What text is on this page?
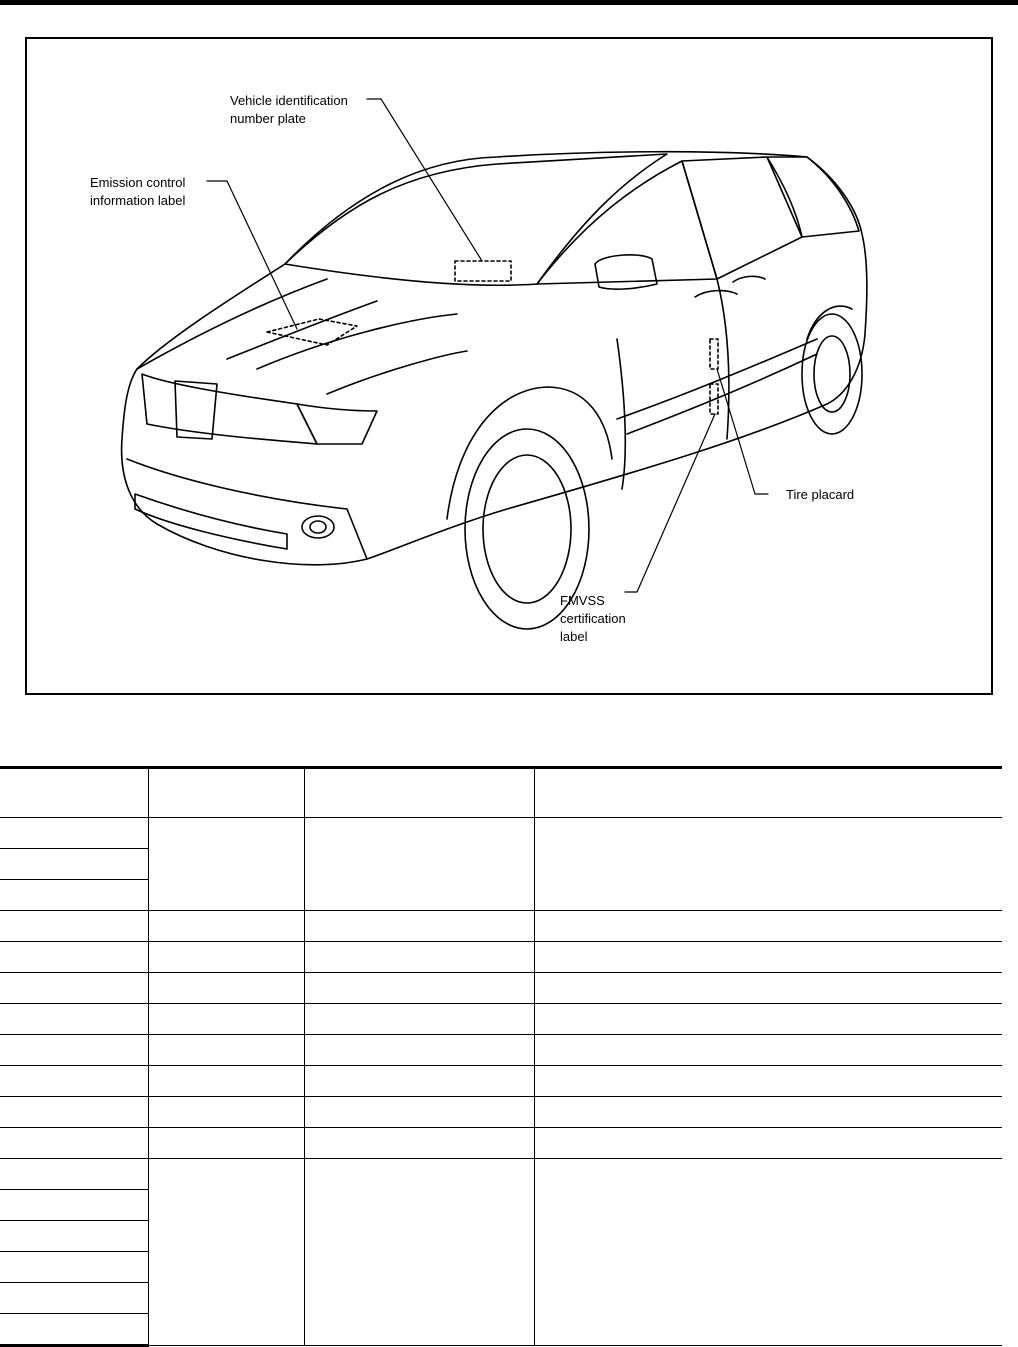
Vehicle identification
number plate
Emission control
information label
Tire placard
FMVSS
certification
label
